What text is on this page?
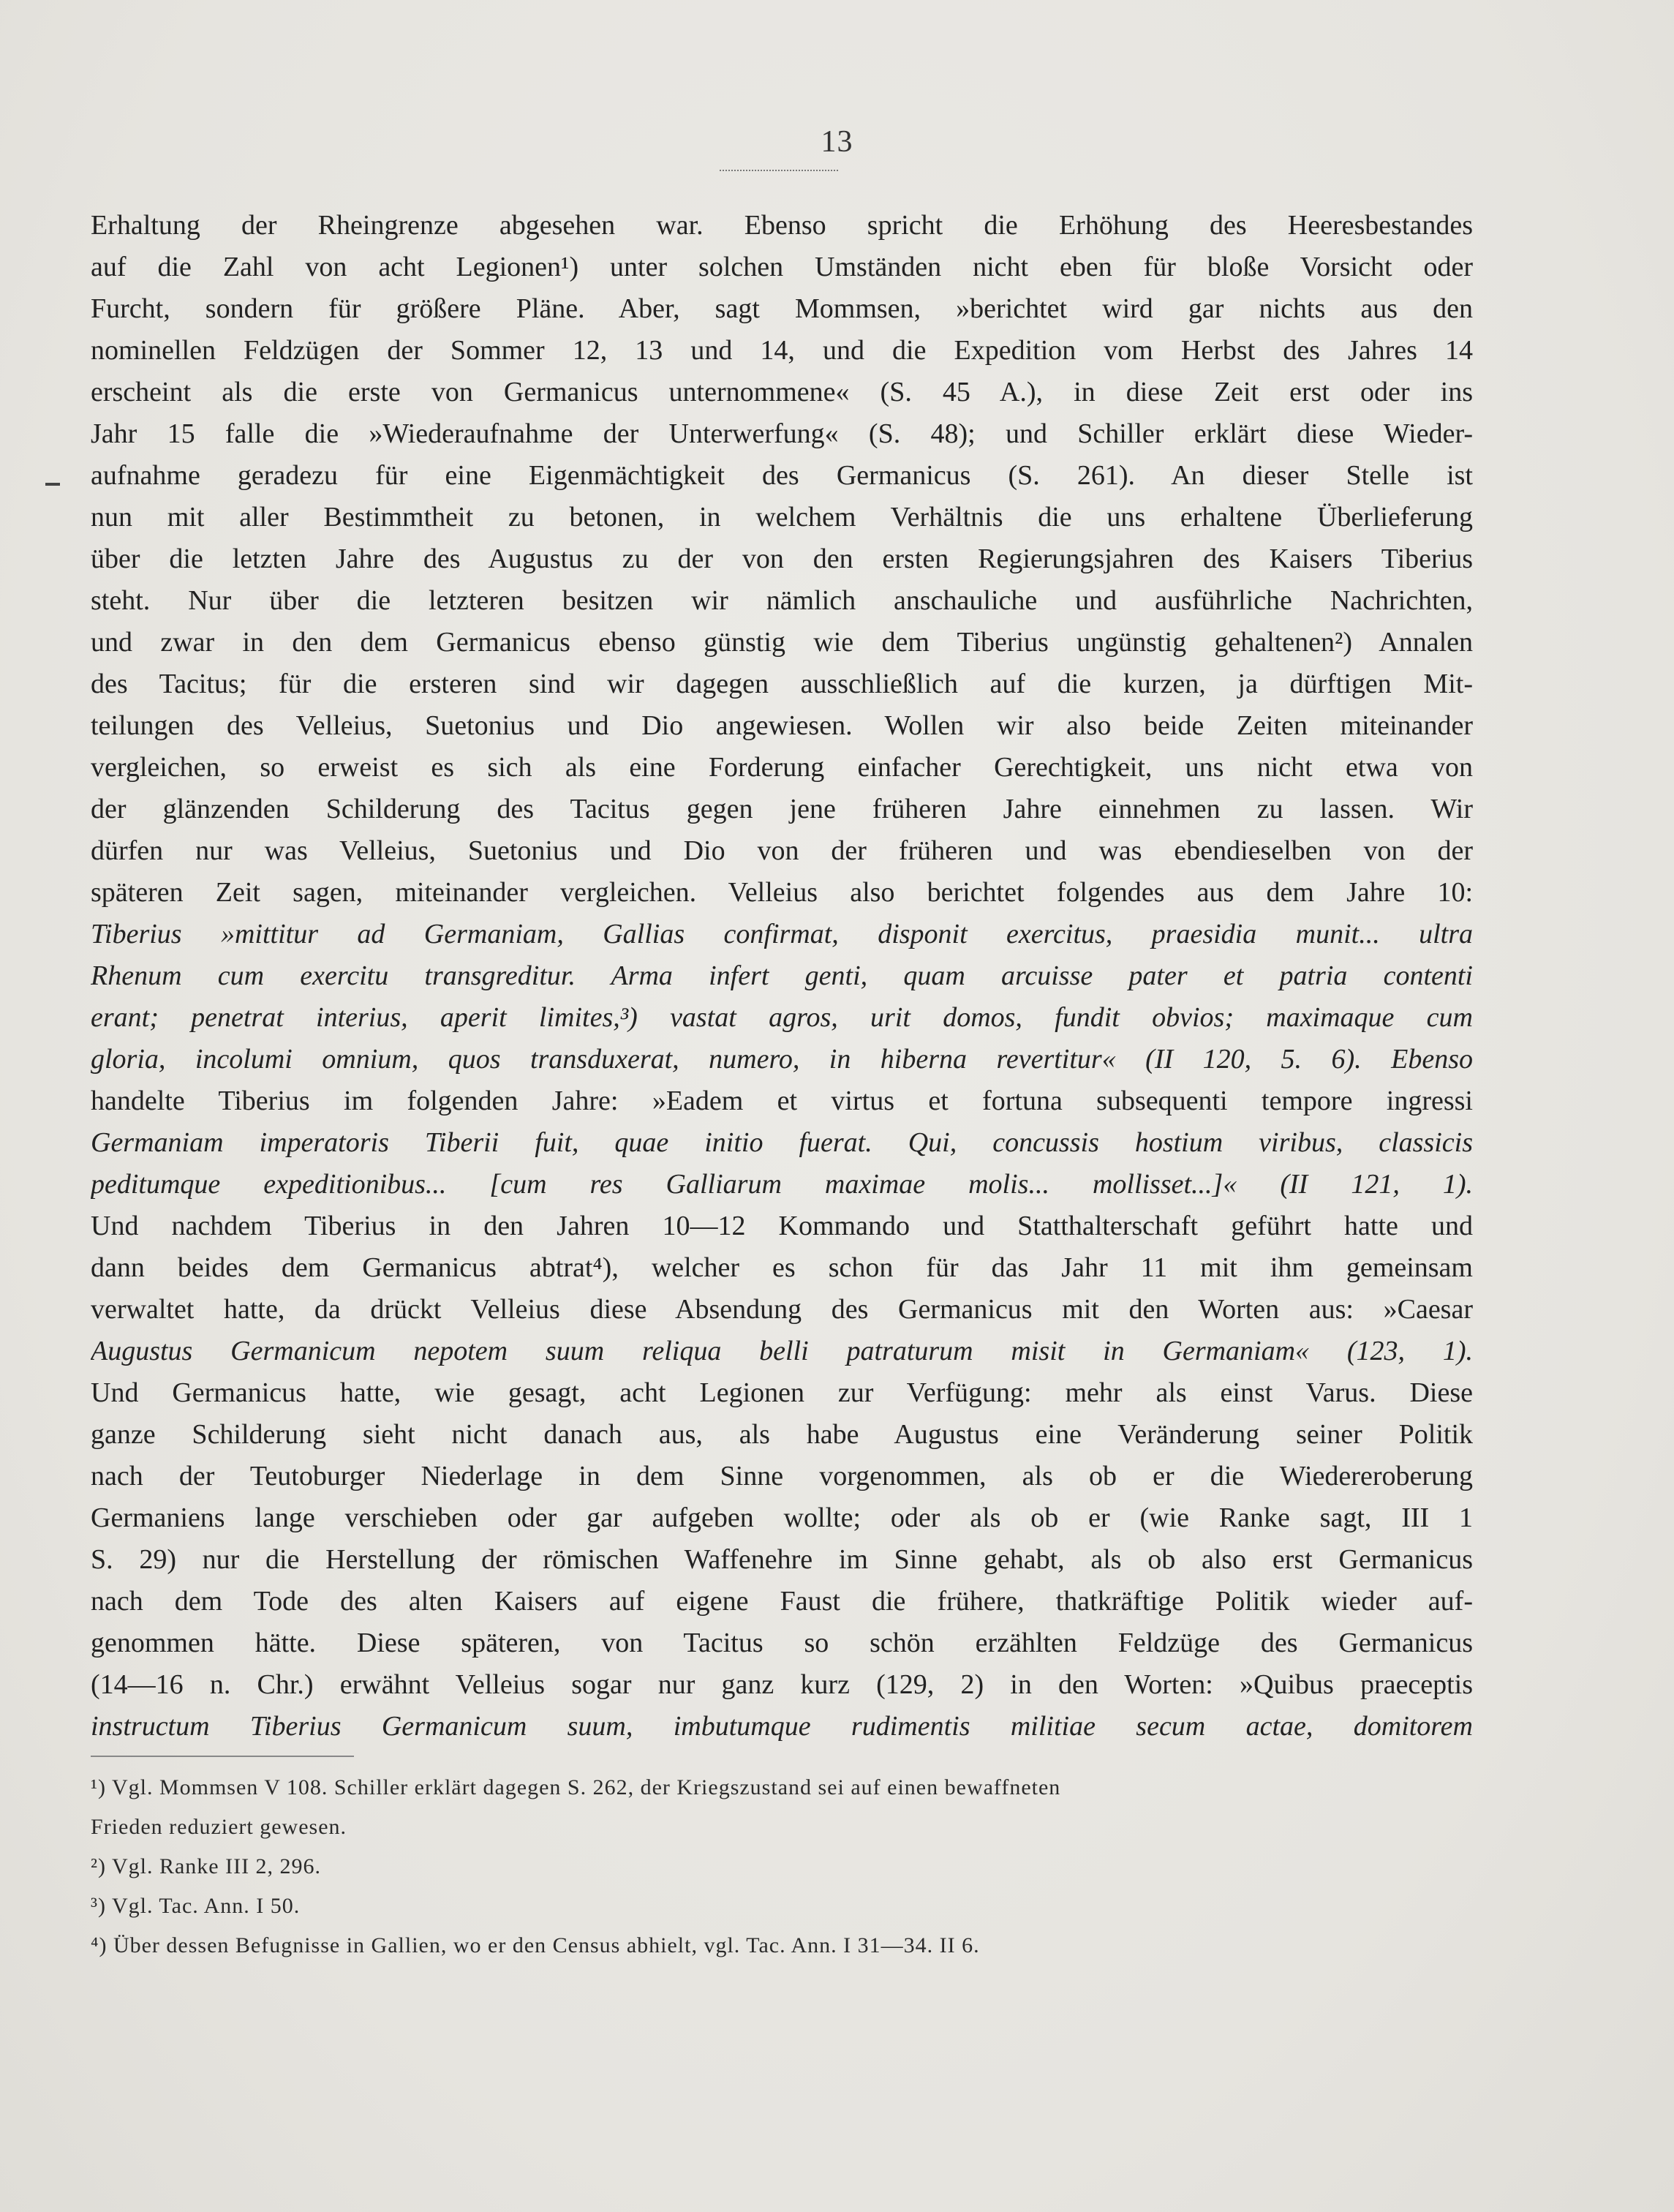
13
Erhaltung der Rheingrenze abgesehen war. Ebenso spricht die Erhöhung des Heeresbestandes
auf die Zahl von acht Legionen¹) unter solchen Umständen nicht eben für bloße Vorsicht oder
Furcht, sondern für größere Pläne. Aber, sagt Mommsen, »berichtet wird gar nichts aus den
nominellen Feldzügen der Sommer 12, 13 und 14, und die Expedition vom Herbst des Jahres 14
erscheint als die erste von Germanicus unternommene« (S. 45 A.), in diese Zeit erst oder ins
Jahr 15 falle die »Wiederaufnahme der Unterwerfung« (S. 48); und Schiller erklärt diese Wieder-
aufnahme geradezu für eine Eigenmächtigkeit des Germanicus (S. 261). An dieser Stelle ist
nun mit aller Bestimmtheit zu betonen, in welchem Verhältnis die uns erhaltene Überlieferung
über die letzten Jahre des Augustus zu der von den ersten Regierungsjahren des Kaisers Tiberius
steht. Nur über die letzteren besitzen wir nämlich anschauliche und ausführliche Nachrichten,
und zwar in den dem Germanicus ebenso günstig wie dem Tiberius ungünstig gehaltenen²) Annalen
des Tacitus; für die ersteren sind wir dagegen ausschließlich auf die kurzen, ja dürftigen Mit-
teilungen des Velleius, Suetonius und Dio angewiesen. Wollen wir also beide Zeiten miteinander
vergleichen, so erweist es sich als eine Forderung einfacher Gerechtigkeit, uns nicht etwa von
der glänzenden Schilderung des Tacitus gegen jene früheren Jahre einnehmen zu lassen. Wir
dürfen nur was Velleius, Suetonius und Dio von der früheren und was ebendieselben von der
späteren Zeit sagen, miteinander vergleichen. Velleius also berichtet folgendes aus dem Jahre 10:
Tiberius »mittitur ad Germaniam, Gallias confirmat, disponit exercitus, praesidia munit... ultra
Rhenum cum exercitu transgreditur. Arma infert genti, quam arcuisse pater et patria contenti
erant; penetrat interius, aperit limites,³) vastat agros, urit domos, fundit obvios; maximaque cum
gloria, incolumi omnium, quos transduxerat, numero, in hiberna revertitur« (II 120, 5. 6). Ebenso
handelte Tiberius im folgenden Jahre: »Eadem et virtus et fortuna subsequenti tempore ingressi
Germaniam imperatoris Tiberii fuit, quae initio fuerat. Qui, concussis hostium viribus, classicis
peditumque expeditionibus... [cum res Galliarum maximae molis... mollisset...]« (II 121, 1).
Und nachdem Tiberius in den Jahren 10—12 Kommando und Statthalterschaft geführt hatte und
dann beides dem Germanicus abtrat⁴), welcher es schon für das Jahr 11 mit ihm gemeinsam
verwaltet hatte, da drückt Velleius diese Absendung des Germanicus mit den Worten aus: »Caesar
Augustus Germanicum nepotem suum reliqua belli patraturum misit in Germaniam« (123, 1).
Und Germanicus hatte, wie gesagt, acht Legionen zur Verfügung: mehr als einst Varus. Diese
ganze Schilderung sieht nicht danach aus, als habe Augustus eine Veränderung seiner Politik
nach der Teutoburger Niederlage in dem Sinne vorgenommen, als ob er die Wiedereroberung
Germaniens lange verschieben oder gar aufgeben wollte; oder als ob er (wie Ranke sagt, III 1
S. 29) nur die Herstellung der römischen Waffenehre im Sinne gehabt, als ob also erst Germanicus
nach dem Tode des alten Kaisers auf eigene Faust die frühere, thatkräftige Politik wieder auf-
genommen hätte. Diese späteren, von Tacitus so schön erzählten Feldzüge des Germanicus
(14—16 n. Chr.) erwähnt Velleius sogar nur ganz kurz (129, 2) in den Worten: »Quibus praeceptis
instructum Tiberius Germanicum suum, imbutumque rudimentis militiae secum actae, domitorem
¹) Vgl. Mommsen V 108. Schiller erklärt dagegen S. 262, der Kriegszustand sei auf einen bewaffneten
Frieden reduziert gewesen.
²) Vgl. Ranke III 2, 296.
³) Vgl. Tac. Ann. I 50.
⁴) Über dessen Befugnisse in Gallien, wo er den Census abhielt, vgl. Tac. Ann. I 31—34. II 6.
